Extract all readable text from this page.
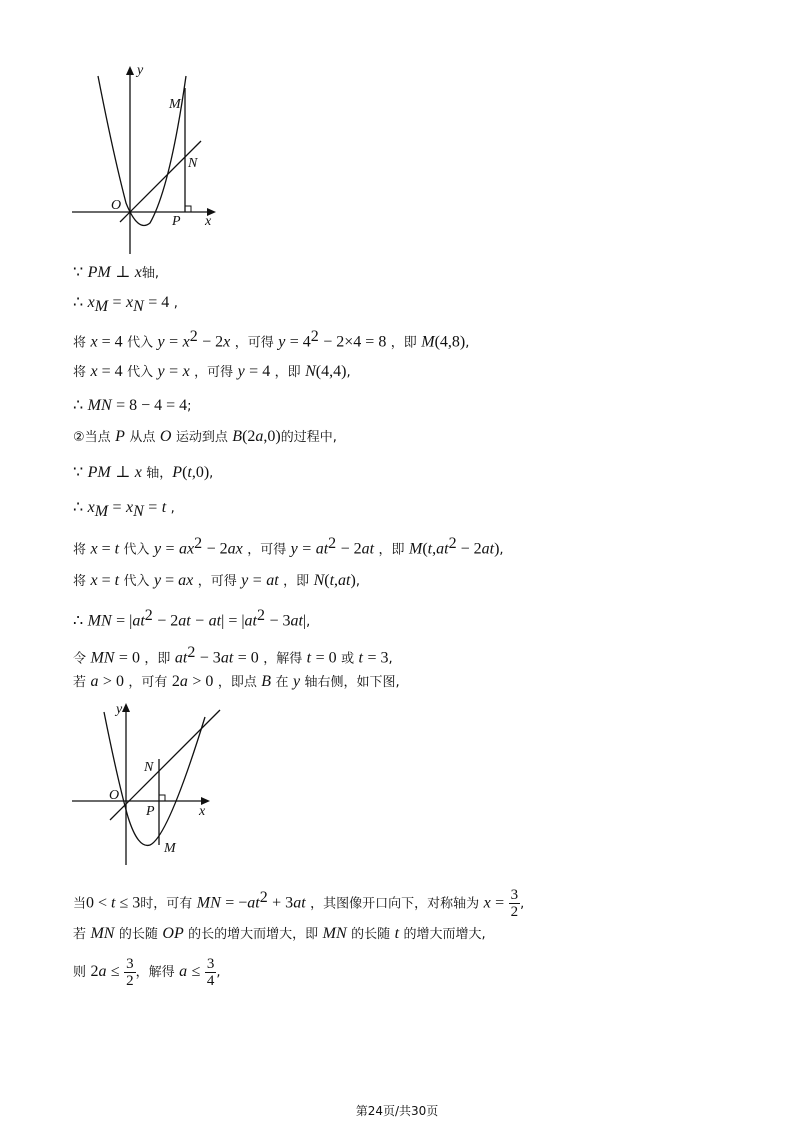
y
M
N
O
P x
∵ PM ⊥ x轴,
∴ $x_M = x_N = 4$ ,
将 x = 4 代入 $y = x^2 - 2x$ ，可得 $y = 4^2 - 2\times 4 = 8$ ，即 M(4,8),
将 x = 4 代入 y = x ，可得 y = 4 ，即 N(4,4),
∴ MN = 8 − 4 = 4;
②当点 P 从点 O 运动到点 B(2a,0)的过程中,
∵ PM ⊥ x 轴，P(t,0),
∴ $x_M = x_N = t$ ,
将 x = t 代入 $y = ax^2 - 2ax$ ，可得 $y = at^2 - 2at$ ，即 $M(t,at^2 - 2at)$,
将 x = t 代入 y = ax ，可得 y = at ，即 N(t,at),
∴ MN = $|at^2 - 2at - at| = |at^2 - 3at|$,
令 MN = 0 ，即 $at^2 - 3at = 0$ ，解得 t = 0 或 t = 3,
若 a > 0 ，可有 2a > 0 ，即点 B 在 y 轴右侧，如下图,
y
N
O
P	x
M
当0 < t ≤ 3时，可有 MN = $-at^2 + 3at$ ，其图像开口向下，对称轴为 $x = \frac{3}{2}$ ,
若 MN 的长随 OP 的长的增大而增大，即 MN 的长随 t 的增大而增大,
则 $2a \le \frac{3}{2}$ ，解得 $a \le \frac{3}{4}$ ,
第24页/共30页
